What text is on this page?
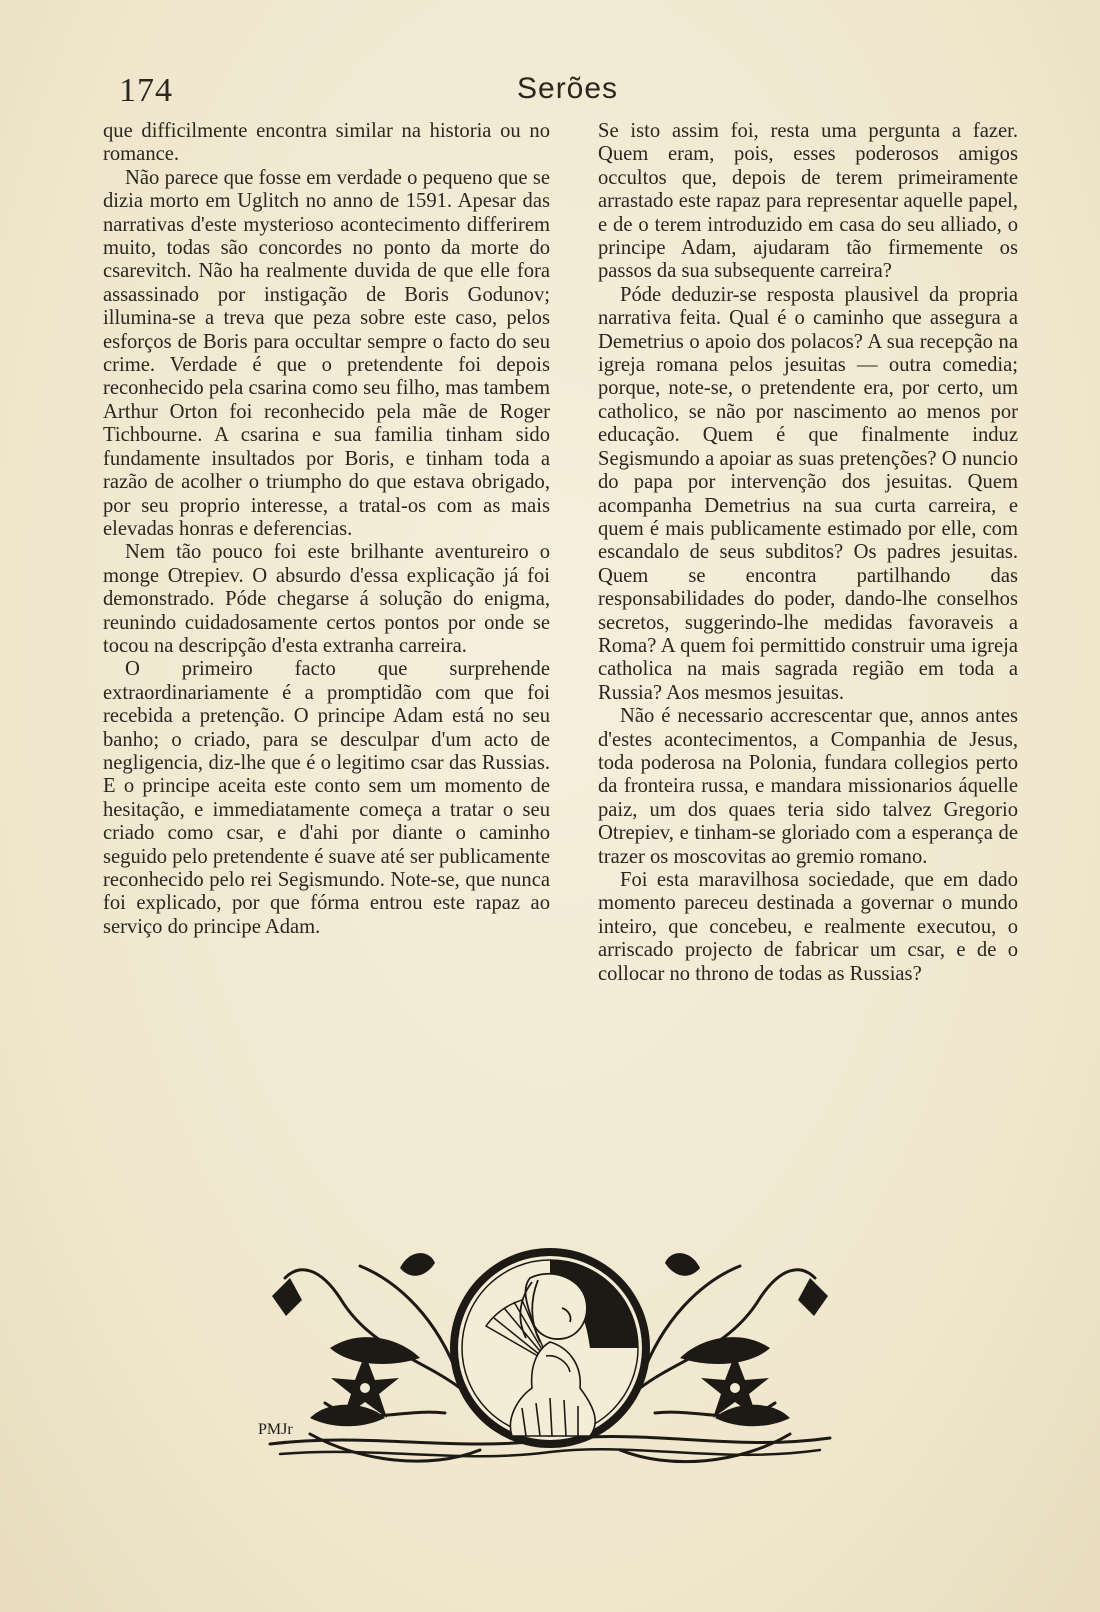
174	Serões

que difficilmente encontra similar na historia ou no romance.

Não parece que fosse em verdade o pequeno que se dizia morto em Uglitch no anno de 1591. Apesar das narrativas d'este mysterioso acontecimento differirem muito, todas são concordes no ponto da morte do csarevitch. Não ha realmente duvida de que elle fora assassinado por instigação de Boris Godunov; illumina-se a treva que peza sobre este caso, pelos esforços de Boris para occultar sempre o facto do seu crime. Verdade é que o pretendente foi depois reconhecido pela csarina como seu filho, mas tambem Arthur Orton foi reconhecido pela mãe de Roger Tichbourne. A csarina e sua familia tinham sido fundamente insultados por Boris, e tinham toda a razão de acolher o triumpho do que estava obrigado, por seu proprio interesse, a tratal-os com as mais elevadas honras e deferencias.

Nem tão pouco foi este brilhante aventureiro o monge Otrepiev. O absurdo d'essa explicação já foi demonstrado. Póde chegarse á solução do enigma, reunindo cuidadosamente certos pontos por onde se tocou na descripção d'esta extranha carreira.

O primeiro facto que surprehende extraordinariamente é a promptidão com que foi recebida a pretenção. O principe Adam está no seu banho; o criado, para se desculpar d'um acto de negligencia, diz-lhe que é o legitimo csar das Russias. E o principe aceita este conto sem um momento de hesitação, e immediatamente começa a tratar o seu criado como csar, e d'ahi por diante o caminho seguido pelo pretendente é suave até ser publicamente reconhecido pelo rei Segismundo. Note-se, que nunca foi explicado, por que fórma entrou este rapaz ao serviço do principe Adam.

Se isto assim foi, resta uma pergunta a fazer. Quem eram, pois, esses poderosos amigos occultos que, depois de terem primeiramente arrastado este rapaz para representar aquelle papel, e de o terem introduzido em casa do seu alliado, o principe Adam, ajudaram tão firmemente os passos da sua subsequente carreira?

Póde deduzir-se resposta plausivel da propria narrativa feita. Qual é o caminho que assegura a Demetrius o apoio dos polacos? A sua recepção na igreja romana pelos jesuitas — outra comedia; porque, note-se, o pretendente era, por certo, um catholico, se não por nascimento ao menos por educação. Quem é que finalmente induz Segismundo a apoiar as suas pretenções? O nuncio do papa por intervenção dos jesuitas. Quem acompanha Demetrius na sua curta carreira, e quem é mais publicamente estimado por elle, com escandalo de seus subditos? Os padres jesuitas. Quem se encontra partilhando das responsabilidades do poder, dando-lhe conselhos secretos, suggerindo-lhe medidas favoraveis a Roma? A quem foi permittido construir uma igreja catholica na mais sagrada região em toda a Russia? Aos mesmos jesuitas.

Não é necessario accrescentar que, annos antes d'estes acontecimentos, a Companhia de Jesus, toda poderosa na Polonia, fundara collegios perto da fronteira russa, e mandara missionarios áquelle paiz, um dos quaes teria sido talvez Gregorio Otrepiev, e tinham-se gloriado com a esperança de trazer os moscovitas ao gremio romano.

Foi esta maravilhosa sociedade, que em dado momento pareceu destinada a governar o mundo inteiro, que concebeu, e realmente executou, o arriscado projecto de fabricar um csar, e de o collocar no throno de todas as Russias?

PMJr
